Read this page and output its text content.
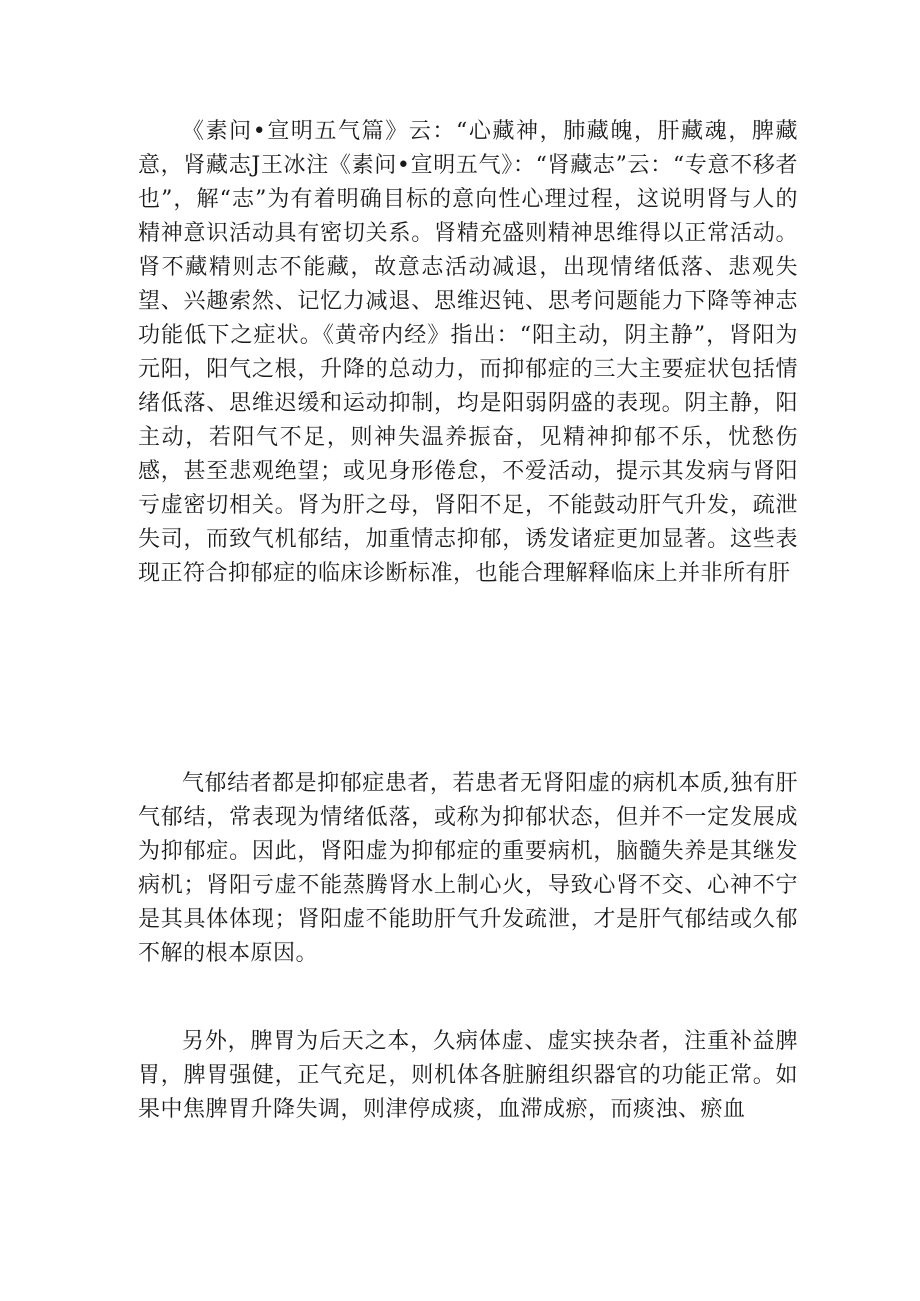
《素问•宣明五气篇》云：“心藏神，肺藏魄，肝藏魂，脾藏意，肾藏志J王冰注《素问•宣明五气》：“肾藏志”云：“专意不移者也”，解“志”为有着明确目标的意向性心理过程，这说明肾与人的精神意识活动具有密切关系。肾精充盛则精神思维得以正常活动。肾不藏精则志不能藏，故意志活动减退，出现情绪低落、悲观失望、兴趣索然、记忆力减退、思维迟钝、思考问题能力下降等神志功能低下之症状。《黄帝内经》指出：“阳主动，阴主静”，肾阳为元阳，阳气之根，升降的总动力，而抑郁症的三大主要症状包括情绪低落、思维迟缓和运动抑制，均是阳弱阴盛的表现。阴主静，阳主动，若阳气不足，则神失温养振奋，见精神抑郁不乐，忧愁伤感，甚至悲观绝望；或见身形倦怠，不爱活动，提示其发病与肾阳亏虚密切相关。肾为肝之母，肾阳不足，不能鼓动肝气升发，疏泄失司，而致气机郁结，加重情志抑郁，诱发诸症更加显著。这些表现正符合抑郁症的临床诊断标准，也能合理解释临床上并非所有肝

气郁结者都是抑郁症患者，若患者无肾阳虚的病机本质,独有肝气郁结，常表现为情绪低落，或称为抑郁状态，但并不一定发展成为抑郁症。因此，肾阳虚为抑郁症的重要病机，脑髓失养是其继发病机；肾阳亏虚不能蒸腾肾水上制心火，导致心肾不交、心神不宁是其具体体现；肾阳虚不能助肝气升发疏泄，才是肝气郁结或久郁不解的根本原因。

另外，脾胃为后天之本，久病体虚、虚实挟杂者，注重补益脾胃，脾胃强健，正气充足，则机体各脏腑组织器官的功能正常。如果中焦脾胃升降失调，则津停成痰，血滞成瘀，而痰浊、瘀血
